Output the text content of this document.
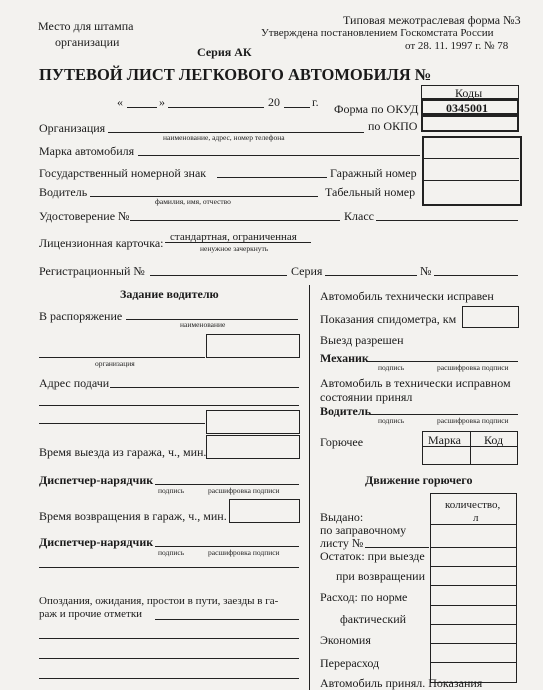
Место для штампа
организации
Типовая межотраслевая форма №3
Утверждена постановлением Госкомстата России
от 28. 11. 1997 г. № 78
Серия АК
ПУТЕВОЙ ЛИСТ ЛЕГКОВОГО АВТОМОБИЛЯ №
«	»	20	г.
Коды
0345001
Форма по ОКУД
по ОКПО
Организация
наименование, адрес, номер телефона
Марка автомобиля
Государственный номерной знак	Гаражный номер
Водитель
фамилия, имя, отчество
Табельный номер
Удостоверение №	Класс
Лицензионная карточка: стандартная, ограниченная
ненужное зачеркнуть
Регистрационный №	Серия	№
Задание водителю
В распоряжение
наименование
организация
Адрес подачи
Время выезда из гаража, ч., мин.
Диспетчер-нарядчик
подпись	расшифровка подписи
Время возвращения в гараж, ч., мин.
Диспетчер-нарядчик
подпись	расшифровка подписи
Опоздания, ожидания, простои в пути, заезды в га-
раж и прочие отметки
Автомобиль технически исправен
Показания спидометра, км
Выезд разрешен
Механик
подпись	расшифровка подписи
Автомобиль в технически исправном
состоянии принял
Водитель
подпись	расшифровка подписи
Горючее	Марка Код
Движение горючего
количество,
л
Выдано:
по заправочному
листу №
Остаток: при выезде
при возвращении
Расход: по норме
фактический
Экономия
Перерасход
Автомобиль принял. Показания
